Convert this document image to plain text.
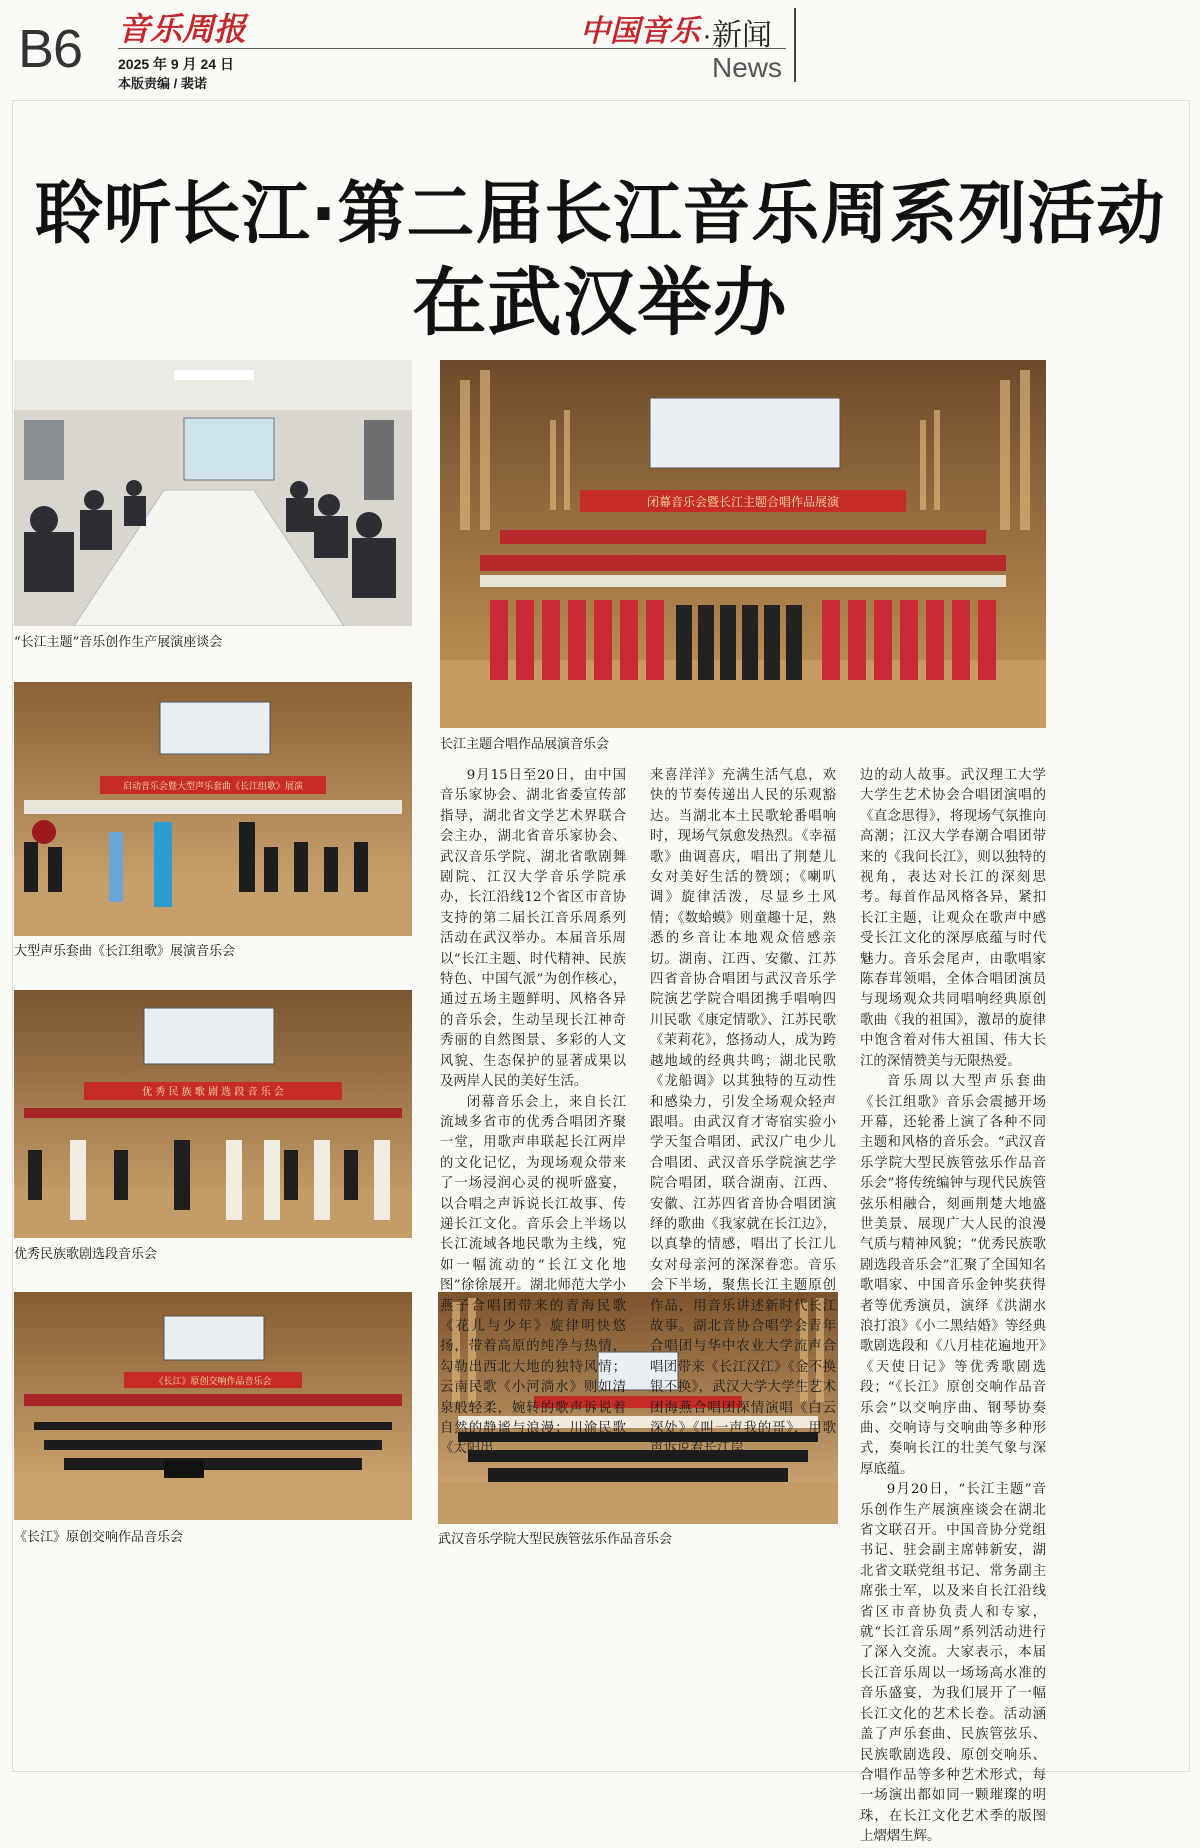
B6 音乐周报
2025 年 9 月 24 日
本版责编 / 裴诺
中国音乐 ·新闻
News
聆听长江·第二届长江音乐周系列活动
在武汉举办
“长江主题”音乐创作生产展演座谈会
闭幕音乐会暨长江主题合唱作品展演
长江主题合唱作品展演音乐会
启动音乐会暨大型声乐套曲《长江组歌》展演
大型声乐套曲《长江组歌》展演音乐会
优 秀 民 族 歌 剧 选 段 音 乐 会
优秀民族歌剧选段音乐会
《长江》原创交响作品音乐会
《长江》原创交响作品音乐会	武汉音乐学院大型民族管弦乐作品音乐会

9月15日至20日，由中国音乐家协会、湖北省委宣传部指导，湖北省文学艺术界联合会主办，湖北省音乐家协会、武汉音乐学院、湖北省歌剧舞剧院、江汉大学音乐学院承办，长江沿线12个省区市音协支持的第二届长江音乐周系列活动在武汉举办。本届音乐周以“长江主题、时代精神、民族特色、中国气派”为创作核心，通过五场主题鲜明、风格各异的音乐会，生动呈现长江神奇秀丽的自然图景、多彩的人文风貌、生态保护的显著成果以及两岸人民的美好生活。

闭幕音乐会上，来自长江流域多省市的优秀合唱团齐聚一堂，用歌声串联起长江两岸的文化记忆，为现场观众带来了一场浸润心灵的视听盛宴，以合唱之声诉说长江故事、传递长江文化。音乐会上半场以长江流域各地民歌为主线，宛如一幅流动的“长江文化地图”徐徐展开。湖北师范大学小燕子合唱团带来的青海民歌《花儿与少年》旋律明快悠扬，带着高原的纯净与热情，勾勒出西北大地的独特风情；云南民歌《小河淌水》则如清泉般轻柔，婉转的歌声诉说着自然的静谧与浪漫；川渝民歌《太阳出

来喜洋洋》充满生活气息，欢快的节奏传递出人民的乐观豁达。当湖北本土民歌轮番唱响时，现场气氛愈发热烈。《幸福歌》曲调喜庆，唱出了荆楚儿女对美好生活的赞颂；《喇叭调》旋律活泼，尽显乡土风情；《数蛤蟆》则童趣十足，熟悉的乡音让本地观众倍感亲切。湖南、江西、安徽、江苏四省音协合唱团与武汉音乐学院演艺学院合唱团携手唱响四川民歌《康定情歌》、江苏民歌《茉莉花》，悠扬动人，成为跨越地域的经典共鸣；湖北民歌《龙船调》以其独特的互动性和感染力，引发全场观众轻声跟唱。由武汉育才寄宿实验小学天玺合唱团、武汉广电少儿合唱团、武汉音乐学院演艺学院合唱团，联合湖南、江西、安徽、江苏四省音协合唱团演绎的歌曲《我家就在长江边》，以真挚的情感，唱出了长江儿女对母亲河的深深眷恋。音乐会下半场，聚焦长江主题原创作品，用音乐讲述新时代长江故事。湖北音协合唱学会青年合唱团与华中农业大学流声合唱团带来《长江汉江》《金不换银不换》，武汉大学大学生艺术团海燕合唱团深情演唱《白云深处》《叫一声我的哥》，用歌声诉说着长江岸

边的动人故事。武汉理工大学大学生艺术协会合唱团演唱的《直念思得》，将现场气氛推向高潮；江汉大学春潮合唱团带来的《我问长江》，则以独特的视角，表达对长江的深刻思考。每首作品风格各异，紧扣长江主题，让观众在歌声中感受长江文化的深厚底蕴与时代魅力。音乐会尾声，由歌唱家陈春茸领唱，全体合唱团演员与现场观众共同唱响经典原创歌曲《我的祖国》，激昂的旋律中饱含着对伟大祖国、伟大长江的深情赞美与无限热爱。

音乐周以大型声乐套曲《长江组歌》音乐会震撼开场开幕，还轮番上演了各种不同主题和风格的音乐会。“武汉音乐学院大型民族管弦乐作品音乐会”将传统编钟与现代民族管弦乐相融合，刻画荆楚大地盛世美景、展现广大人民的浪漫气质与精神风貌；“优秀民族歌剧选段音乐会”汇聚了全国知名歌唱家、中国音乐金钟奖获得者等优秀演员，演绎《洪湖水浪打浪》《小二黑结婚》等经典歌剧选段和《八月桂花遍地开》《天使日记》等优秀歌剧选段；“《长江》原创交响作品音乐会”以交响序曲、钢琴协奏曲、交响诗与交响曲等多种形式，奏响长江的壮美气象与深厚底蕴。

9月20日，“长江主题”音乐创作生产展演座谈会在湖北省文联召开。中国音协分党组书记、驻会副主席韩新安，湖北省文联党组书记、常务副主席张士军，以及来自长江沿线省区市音协负责人和专家，就“长江音乐周”系列活动进行了深入交流。大家表示，本届长江音乐周以一场场高水准的音乐盛宴，为我们展开了一幅长江文化的艺术长卷。活动涵盖了声乐套曲、民族管弦乐、民族歌剧选段、原创交响乐、合唱作品等多种艺术形式，每一场演出都如同一颗璀璨的明珠，在长江文化艺术季的版图上熠熠生辉。
